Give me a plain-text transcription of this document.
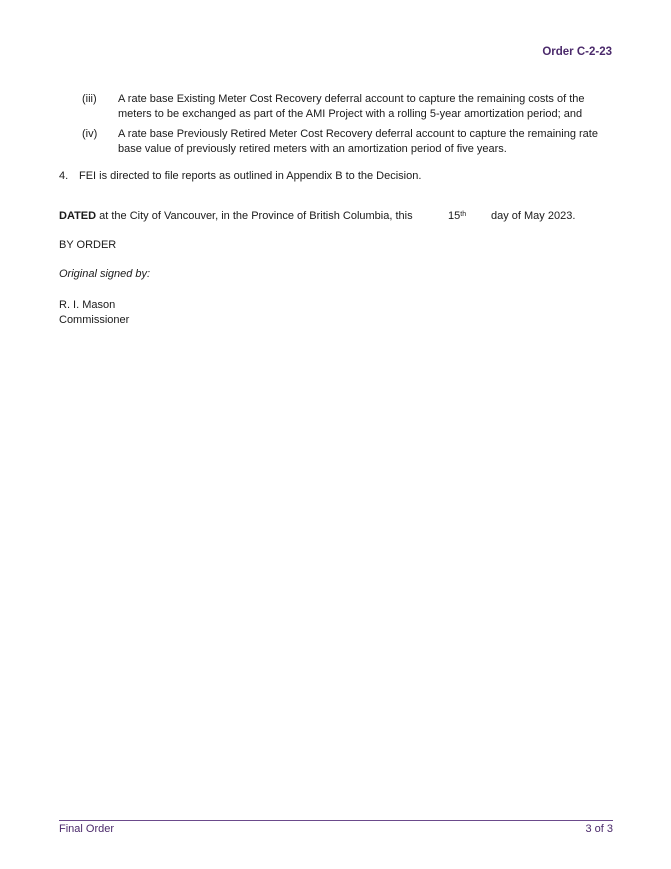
Order C-2-23
(iii)	A rate base Existing Meter Cost Recovery deferral account to capture the remaining costs of the meters to be exchanged as part of the AMI Project with a rolling 5-year amortization period; and
(iv)	A rate base Previously Retired Meter Cost Recovery deferral account to capture the remaining rate base value of previously retired meters with an amortization period of five years.
4. FEI is directed to file reports as outlined in Appendix B to the Decision.
DATED at the City of Vancouver, in the Province of British Columbia, this	15th day of May 2023.
BY ORDER
Original signed by:
R. I. Mason
Commissioner
Final Order	3 of 3
